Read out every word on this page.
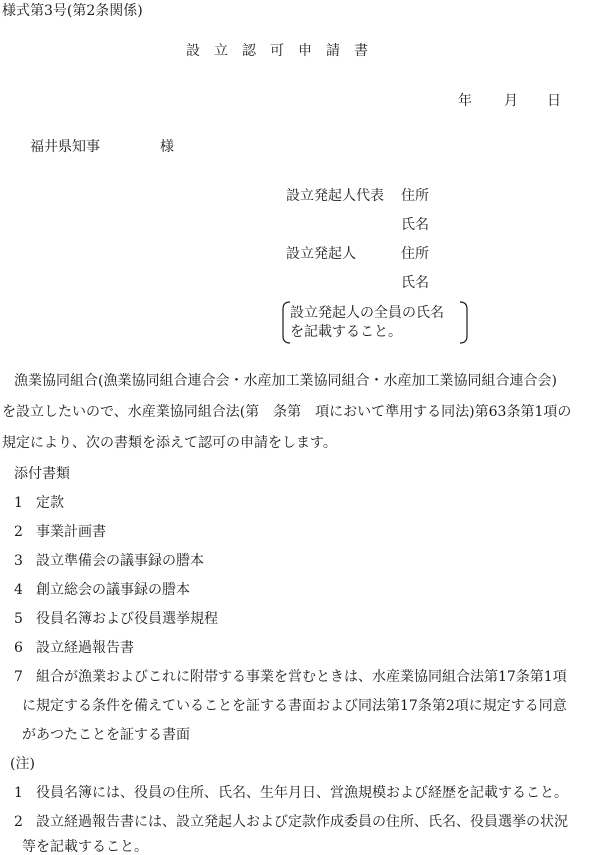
様式第3号(第2条関係)
設立認可申請書
年 月 日
福井県知事	様
設立発起人代表 住所
氏名
設立発起人	住所
氏名
設立発起人の全員の氏名
を記載すること。
漁業協同組合(漁業協同組合連合会・水産加工業協同組合・水産加工業協同組合連合会)
を設立したいので、水産業協同組合法(第　条第　項において準用する同法)第63条第1項の
規定により、次の書類を添えて認可の申請をします。
添付書類
1 定款
2 事業計画書
3 設立準備会の議事録の謄本
4 創立総会の議事録の謄本
5 役員名簿および役員選挙規程
6 設立経過報告書
7 組合が漁業およびこれに附帯する事業を営むときは、水産業協同組合法第17条第1項
に規定する条件を備えていることを証する書面および同法第17条第2項に規定する同意
があつたことを証する書面
(注)
1 役員名簿には、役員の住所、氏名、生年月日、営漁規模および経歴を記載すること。
2 設立経過報告書には、設立発起人および定款作成委員の住所、氏名、役員選挙の状況
等を記載すること。
